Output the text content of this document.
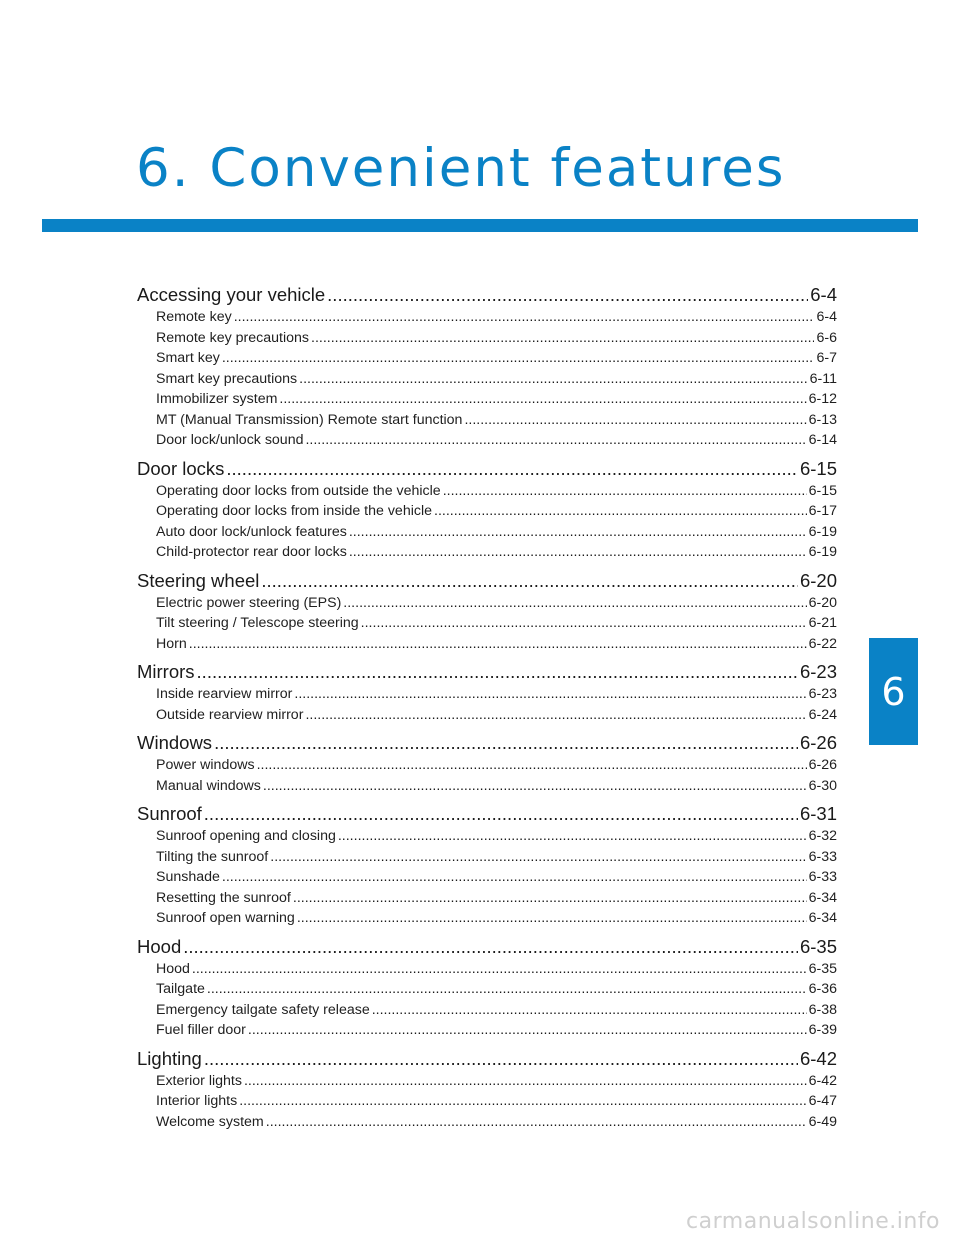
6. Convenient features
Accessing your vehicle .....	6-4
Remote key .....	6-4
Remote key precautions .....	6-6
Smart key .....	6-7
Smart key precautions .....	6-11
Immobilizer system .....	6-12
MT (Manual Transmission) Remote start function .....	6-13
Door lock/unlock sound .....	6-14
Door locks .....	6-15
Operating door locks from outside the vehicle .....	6-15
Operating door locks from inside the vehicle .....	6-17
Auto door lock/unlock features .....	6-19
Child-protector rear door locks .....	6-19
Steering wheel .....	6-20
Electric power steering (EPS) .....	6-20
Tilt steering / Telescope steering .....	6-21
Horn .....	6-22
Mirrors .....	6-23
Inside rearview mirror .....	6-23
Outside rearview mirror .....	6-24
Windows .....	6-26
Power windows .....	6-26
Manual windows .....	6-30
Sunroof .....	6-31
Sunroof opening and closing .....	6-32
Tilting the sunroof .....	6-33
Sunshade .....	6-33
Resetting the sunroof .....	6-34
Sunroof open warning .....	6-34
Hood .....	6-35
Hood .....	6-35
Tailgate .....	6-36
Emergency tailgate safety release .....	6-38
Fuel filler door .....	6-39
Lighting .....	6-42
Exterior lights .....	6-42
Interior lights .....	6-47
Welcome system .....	6-49
6
carmanualsonline.info
